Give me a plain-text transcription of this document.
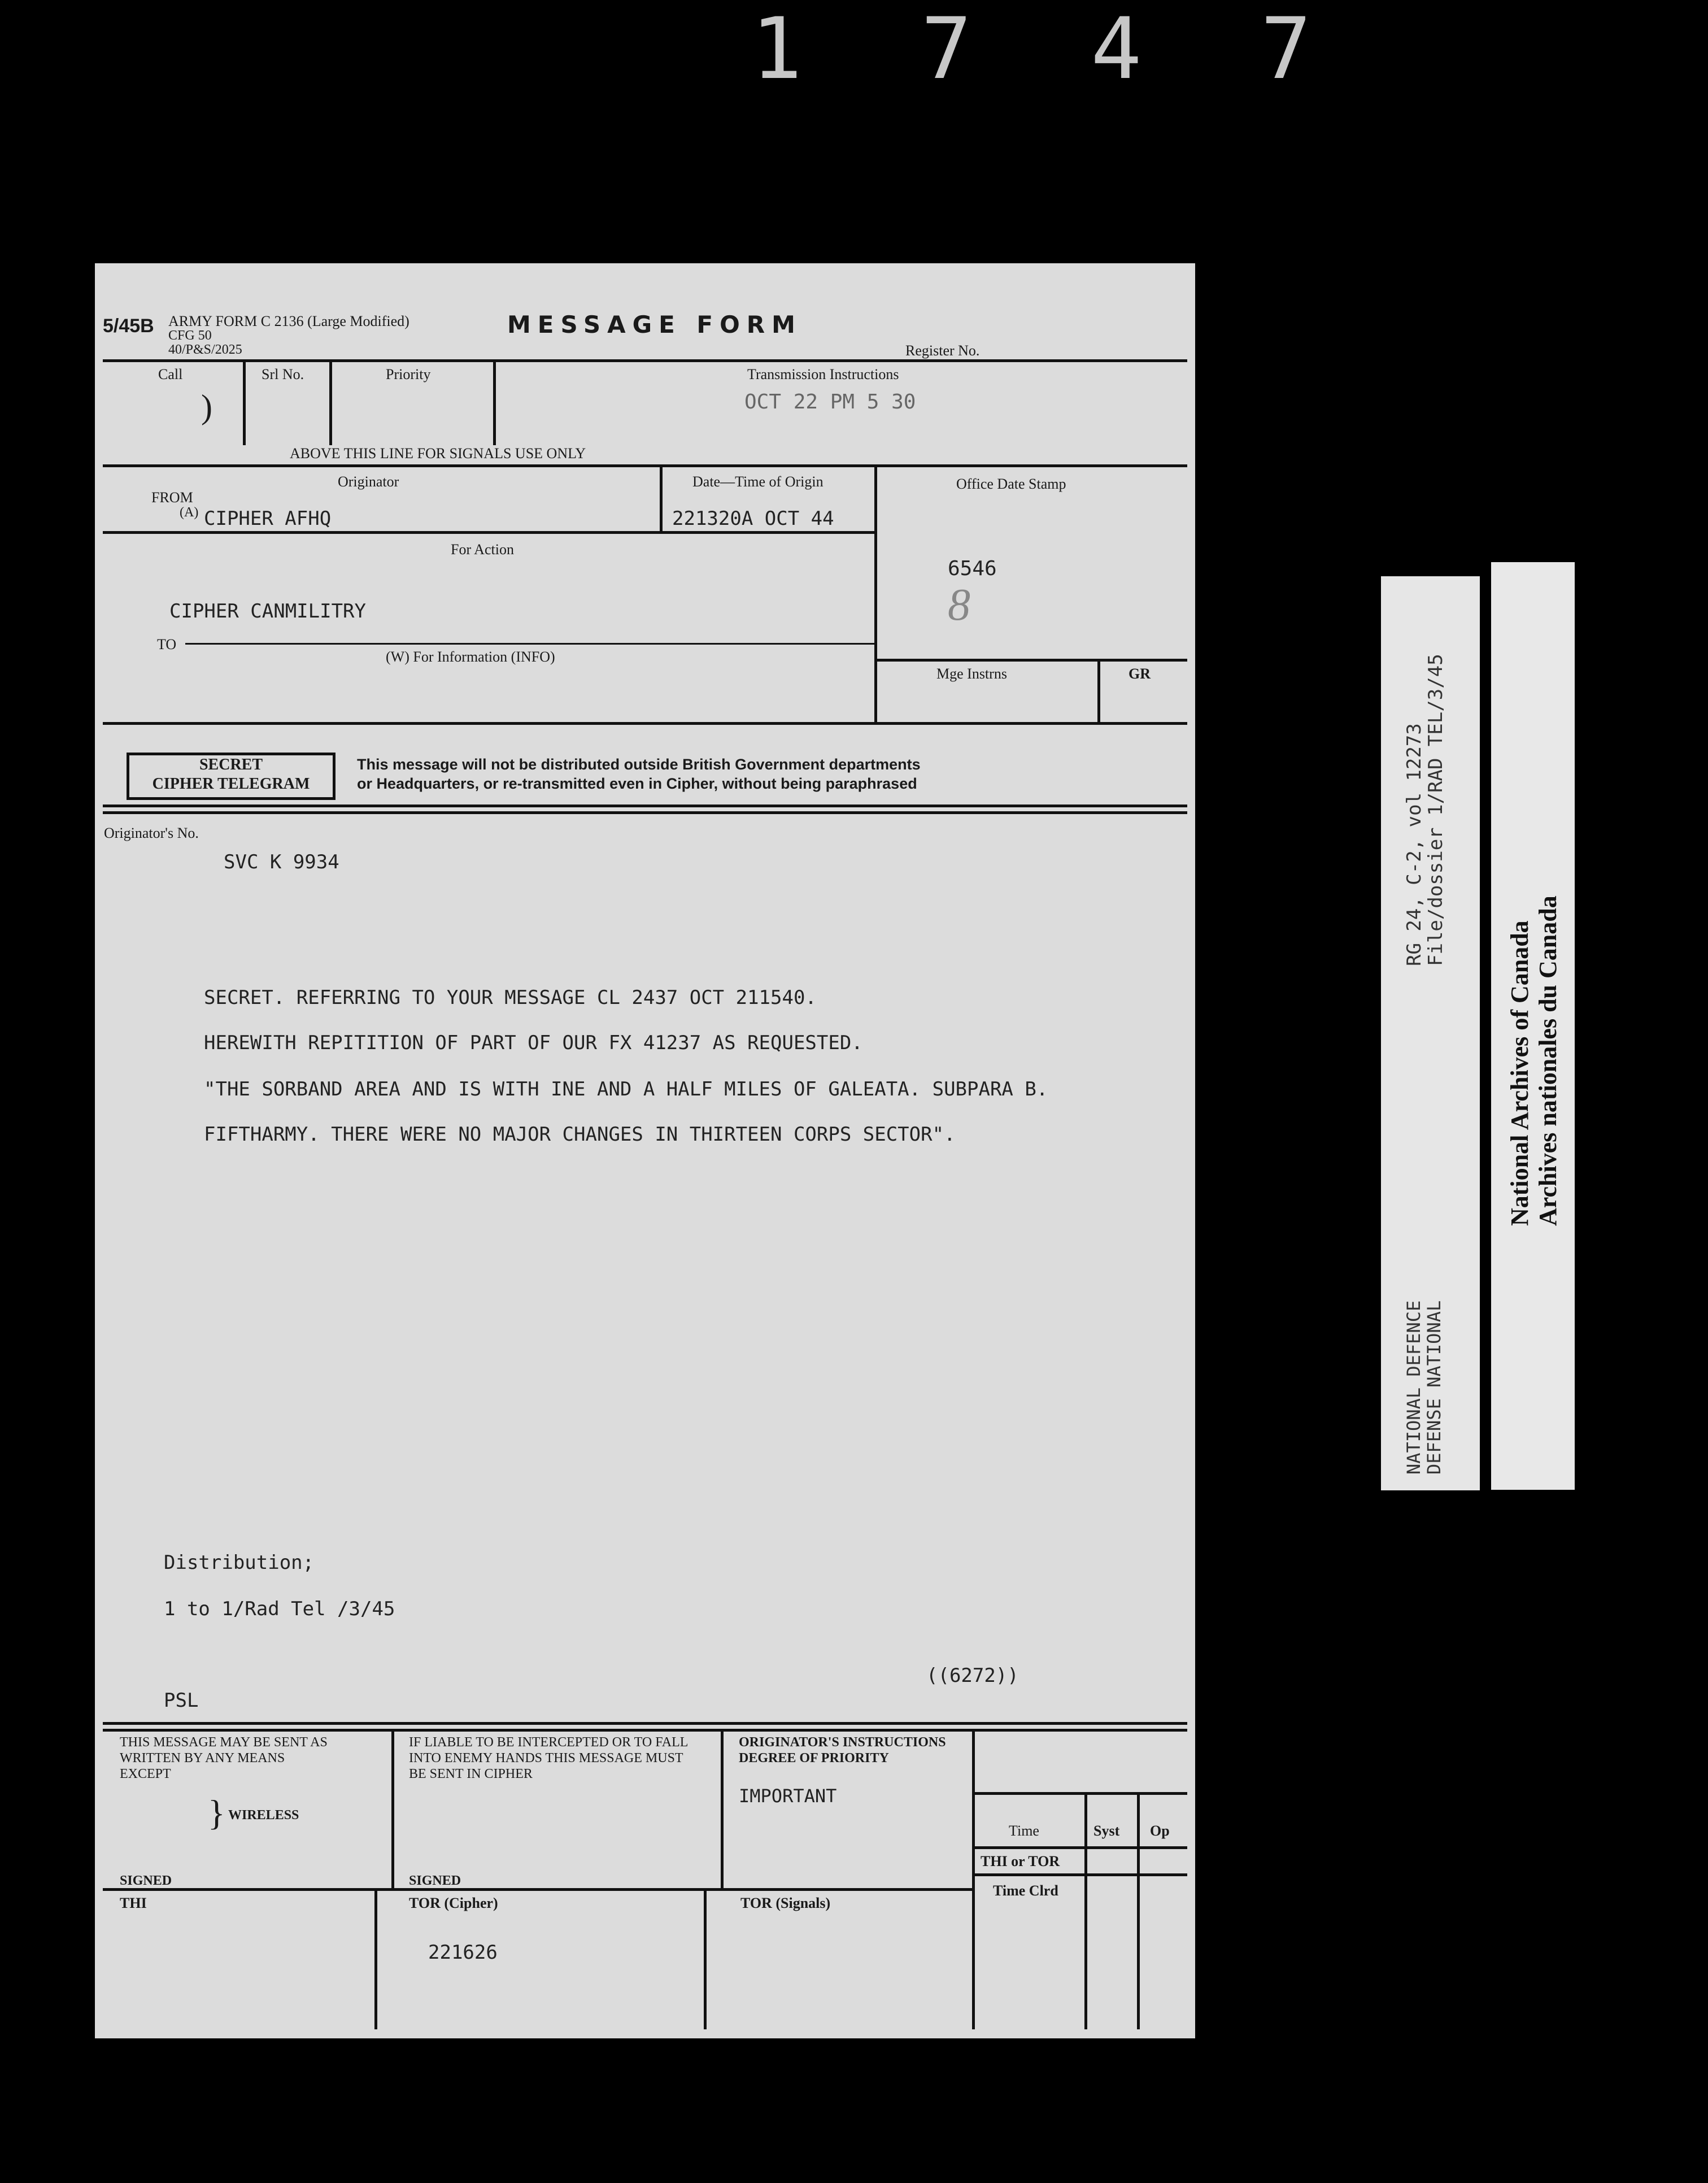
1 7 4 7
5/45B ARMY FORM C 2136 (Large Modified)
CFG 50
40/P&S/2025
MESSAGE FORM
Register No.
Call
)
Srl No.	Priority	Transmission Instructions
OCT 22 PM 5 30
ABOVE THIS LINE FOR SIGNALS USE ONLY
Originator
FROM
(A) CIPHER AFHQ
Date—Time of Origin
221320A OCT 44
Office Date Stamp
6546
8
For Action
CIPHER CANMILITRY
TO
(W) For Information (INFO)
Mge Instrns	GR
SECRET
CIPHER TELEGRAM
This message will not be distributed outside British Government departments
or Headquarters, or re-transmitted even in Cipher, without being paraphrased
Originator's No.
SVC K 9934
SECRET. REFERRING TO YOUR MESSAGE CL 2437 OCT 211540.
HEREWITH REPITITION OF PART OF OUR FX 41237 AS REQUESTED.
"THE SORBAND AREA AND IS WITH INE AND A HALF MILES OF GALEATA. SUBPARA B.
FIFTHARMY. THERE WERE NO MAJOR CHANGES IN THIRTEEN CORPS SECTOR".
Distribution;
1 to 1/Rad Tel /3/45
((6272))
PSL
THIS MESSAGE MAY BE SENT AS
WRITTEN BY ANY MEANS
EXCEPT
} WIRELESS
SIGNED
IF LIABLE TO BE INTERCEPTED OR TO FALL
INTO ENEMY HANDS THIS MESSAGE MUST
BE SENT IN CIPHER
SIGNED
ORIGINATOR'S INSTRUCTIONS
DEGREE OF PRIORITY
IMPORTANT
Time	Syst Op
THI or TOR
Time Clrd
THI	TOR (Cipher)
221626
TOR (Signals)
RG 24, C-2, vol 12273
File/dossier 1/RAD TEL/3/45
NATIONAL DEFENCE
DEFENSE NATIONAL
National Archives of Canada Archives nationales du Canada
